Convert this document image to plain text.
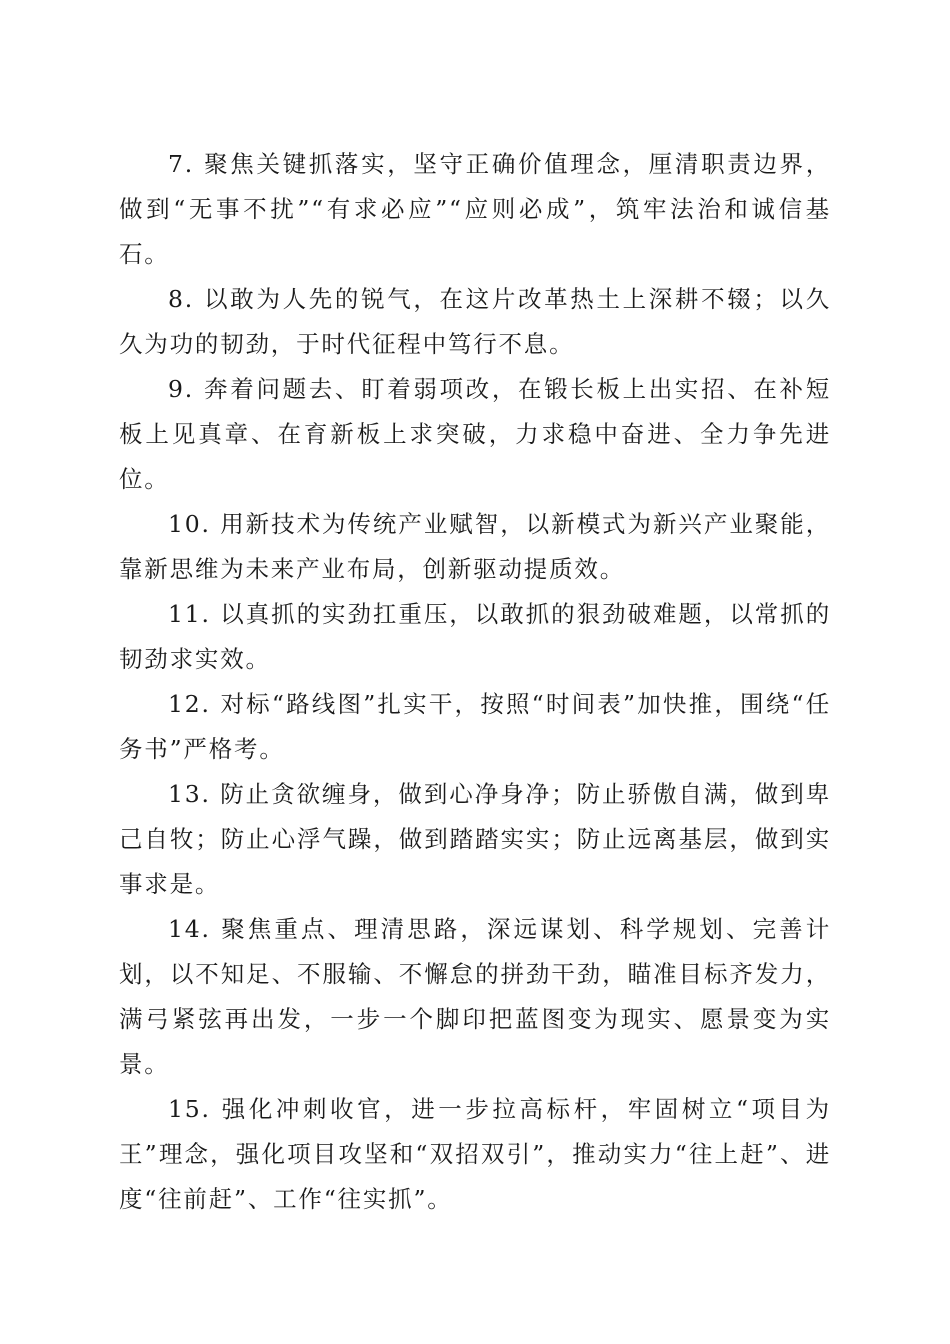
7. 聚焦关键抓落实，坚守正确价值理念，厘清职责边界，做到“无事不扰”“有求必应”“应则必成”，筑牢法治和诚信基石。

8. 以敢为人先的锐气，在这片改革热土上深耕不辍；以久久为功的韧劲，于时代征程中笃行不息。

9. 奔着问题去、盯着弱项改，在锻长板上出实招、在补短板上见真章、在育新板上求突破，力求稳中奋进、全力争先进位。

10. 用新技术为传统产业赋智，以新模式为新兴产业聚能，靠新思维为未来产业布局，创新驱动提质效。

11. 以真抓的实劲扛重压，以敢抓的狠劲破难题，以常抓的韧劲求实效。

12. 对标“路线图”扎实干，按照“时间表”加快推，围绕“任务书”严格考。

13. 防止贪欲缠身，做到心净身净；防止骄傲自满，做到卑己自牧；防止心浮气躁，做到踏踏实实；防止远离基层，做到实事求是。

14. 聚焦重点、理清思路，深远谋划、科学规划、完善计划，以不知足、不服输、不懈怠的拼劲干劲，瞄准目标齐发力，满弓紧弦再出发，一步一个脚印把蓝图变为现实、愿景变为实景。

15. 强化冲刺收官，进一步拉高标杆，牢固树立“项目为王”理念，强化项目攻坚和“双招双引”，推动实力“往上赶”、进度“往前赶”、工作“往实抓”。
